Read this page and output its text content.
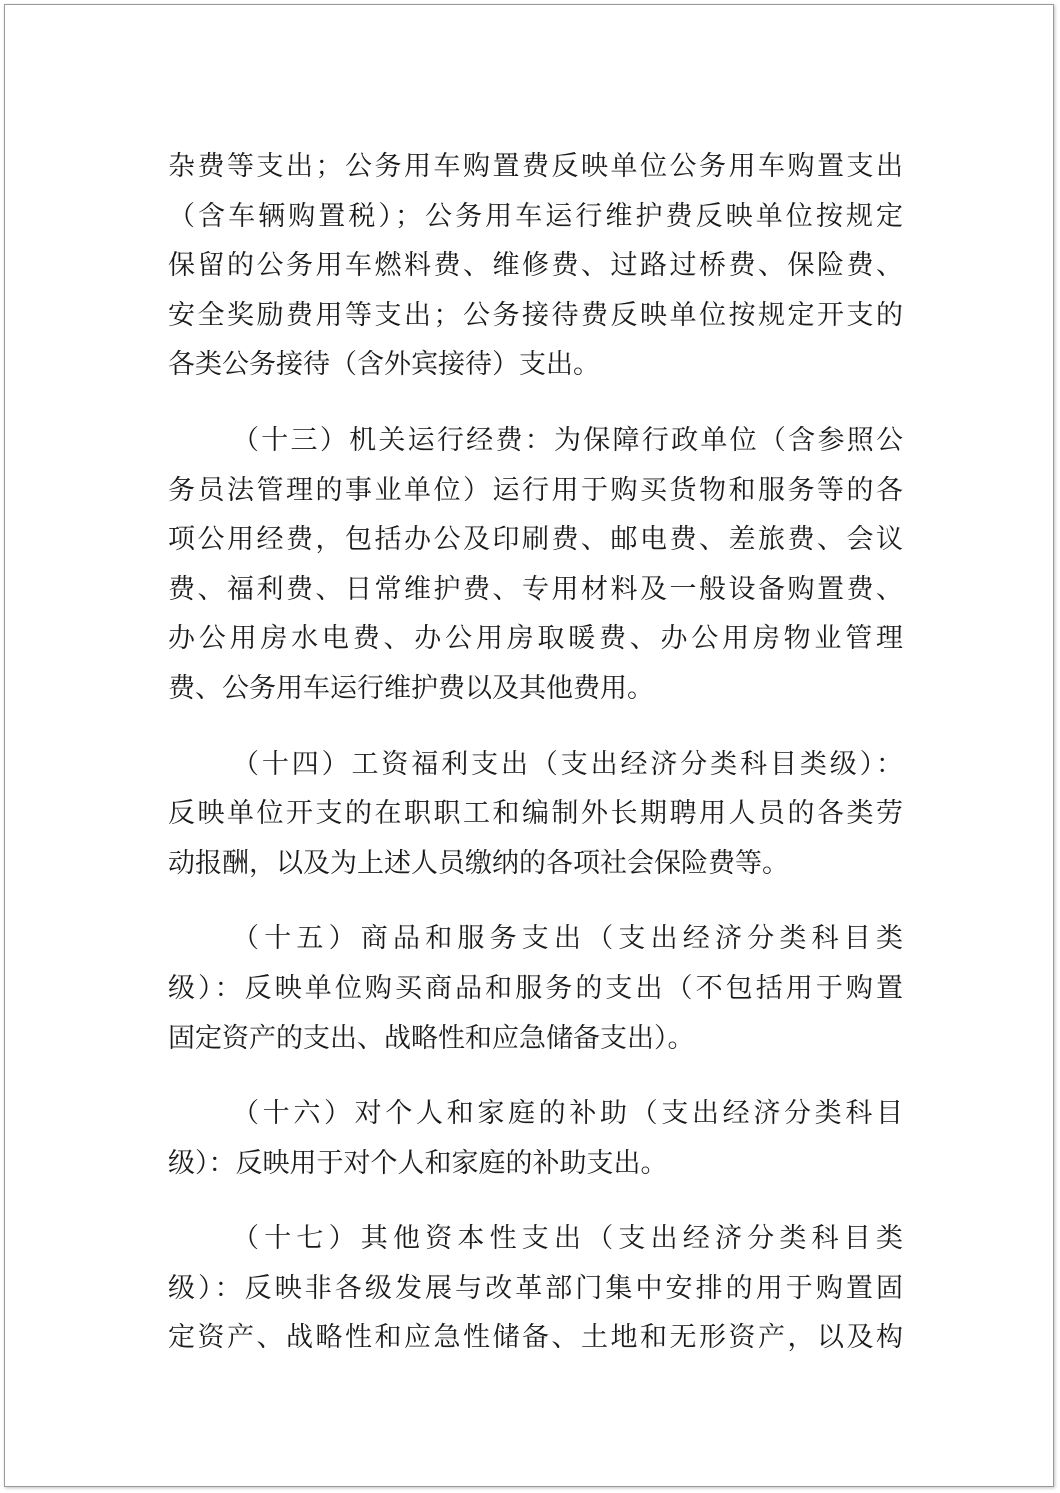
杂费等支出；公务用车购置费反映单位公务用车购置支出
（含车辆购置税）；公务用车运行维护费反映单位按规定
保留的公务用车燃料费、维修费、过路过桥费、保险费、
安全奖励费用等支出；公务接待费反映单位按规定开支的
各类公务接待（含外宾接待）支出。
（十三）机关运行经费：为保障行政单位（含参照公
务员法管理的事业单位）运行用于购买货物和服务等的各
项公用经费，包括办公及印刷费、邮电费、差旅费、会议
费、福利费、日常维护费、专用材料及一般设备购置费、
办公用房水电费、办公用房取暖费、办公用房物业管理
费、公务用车运行维护费以及其他费用。
（十四）工资福利支出（支出经济分类科目类级）：
反映单位开支的在职职工和编制外长期聘用人员的各类劳
动报酬，以及为上述人员缴纳的各项社会保险费等。
（十五）商品和服务支出（支出经济分类科目类
级）：反映单位购买商品和服务的支出（不包括用于购置
固定资产的支出、战略性和应急储备支出）。
（十六）对个人和家庭的补助（支出经济分类科目
级）：反映用于对个人和家庭的补助支出。
（十七）其他资本性支出（支出经济分类科目类
级）：反映非各级发展与改革部门集中安排的用于购置固
定资产、战略性和应急性储备、土地和无形资产，以及构
